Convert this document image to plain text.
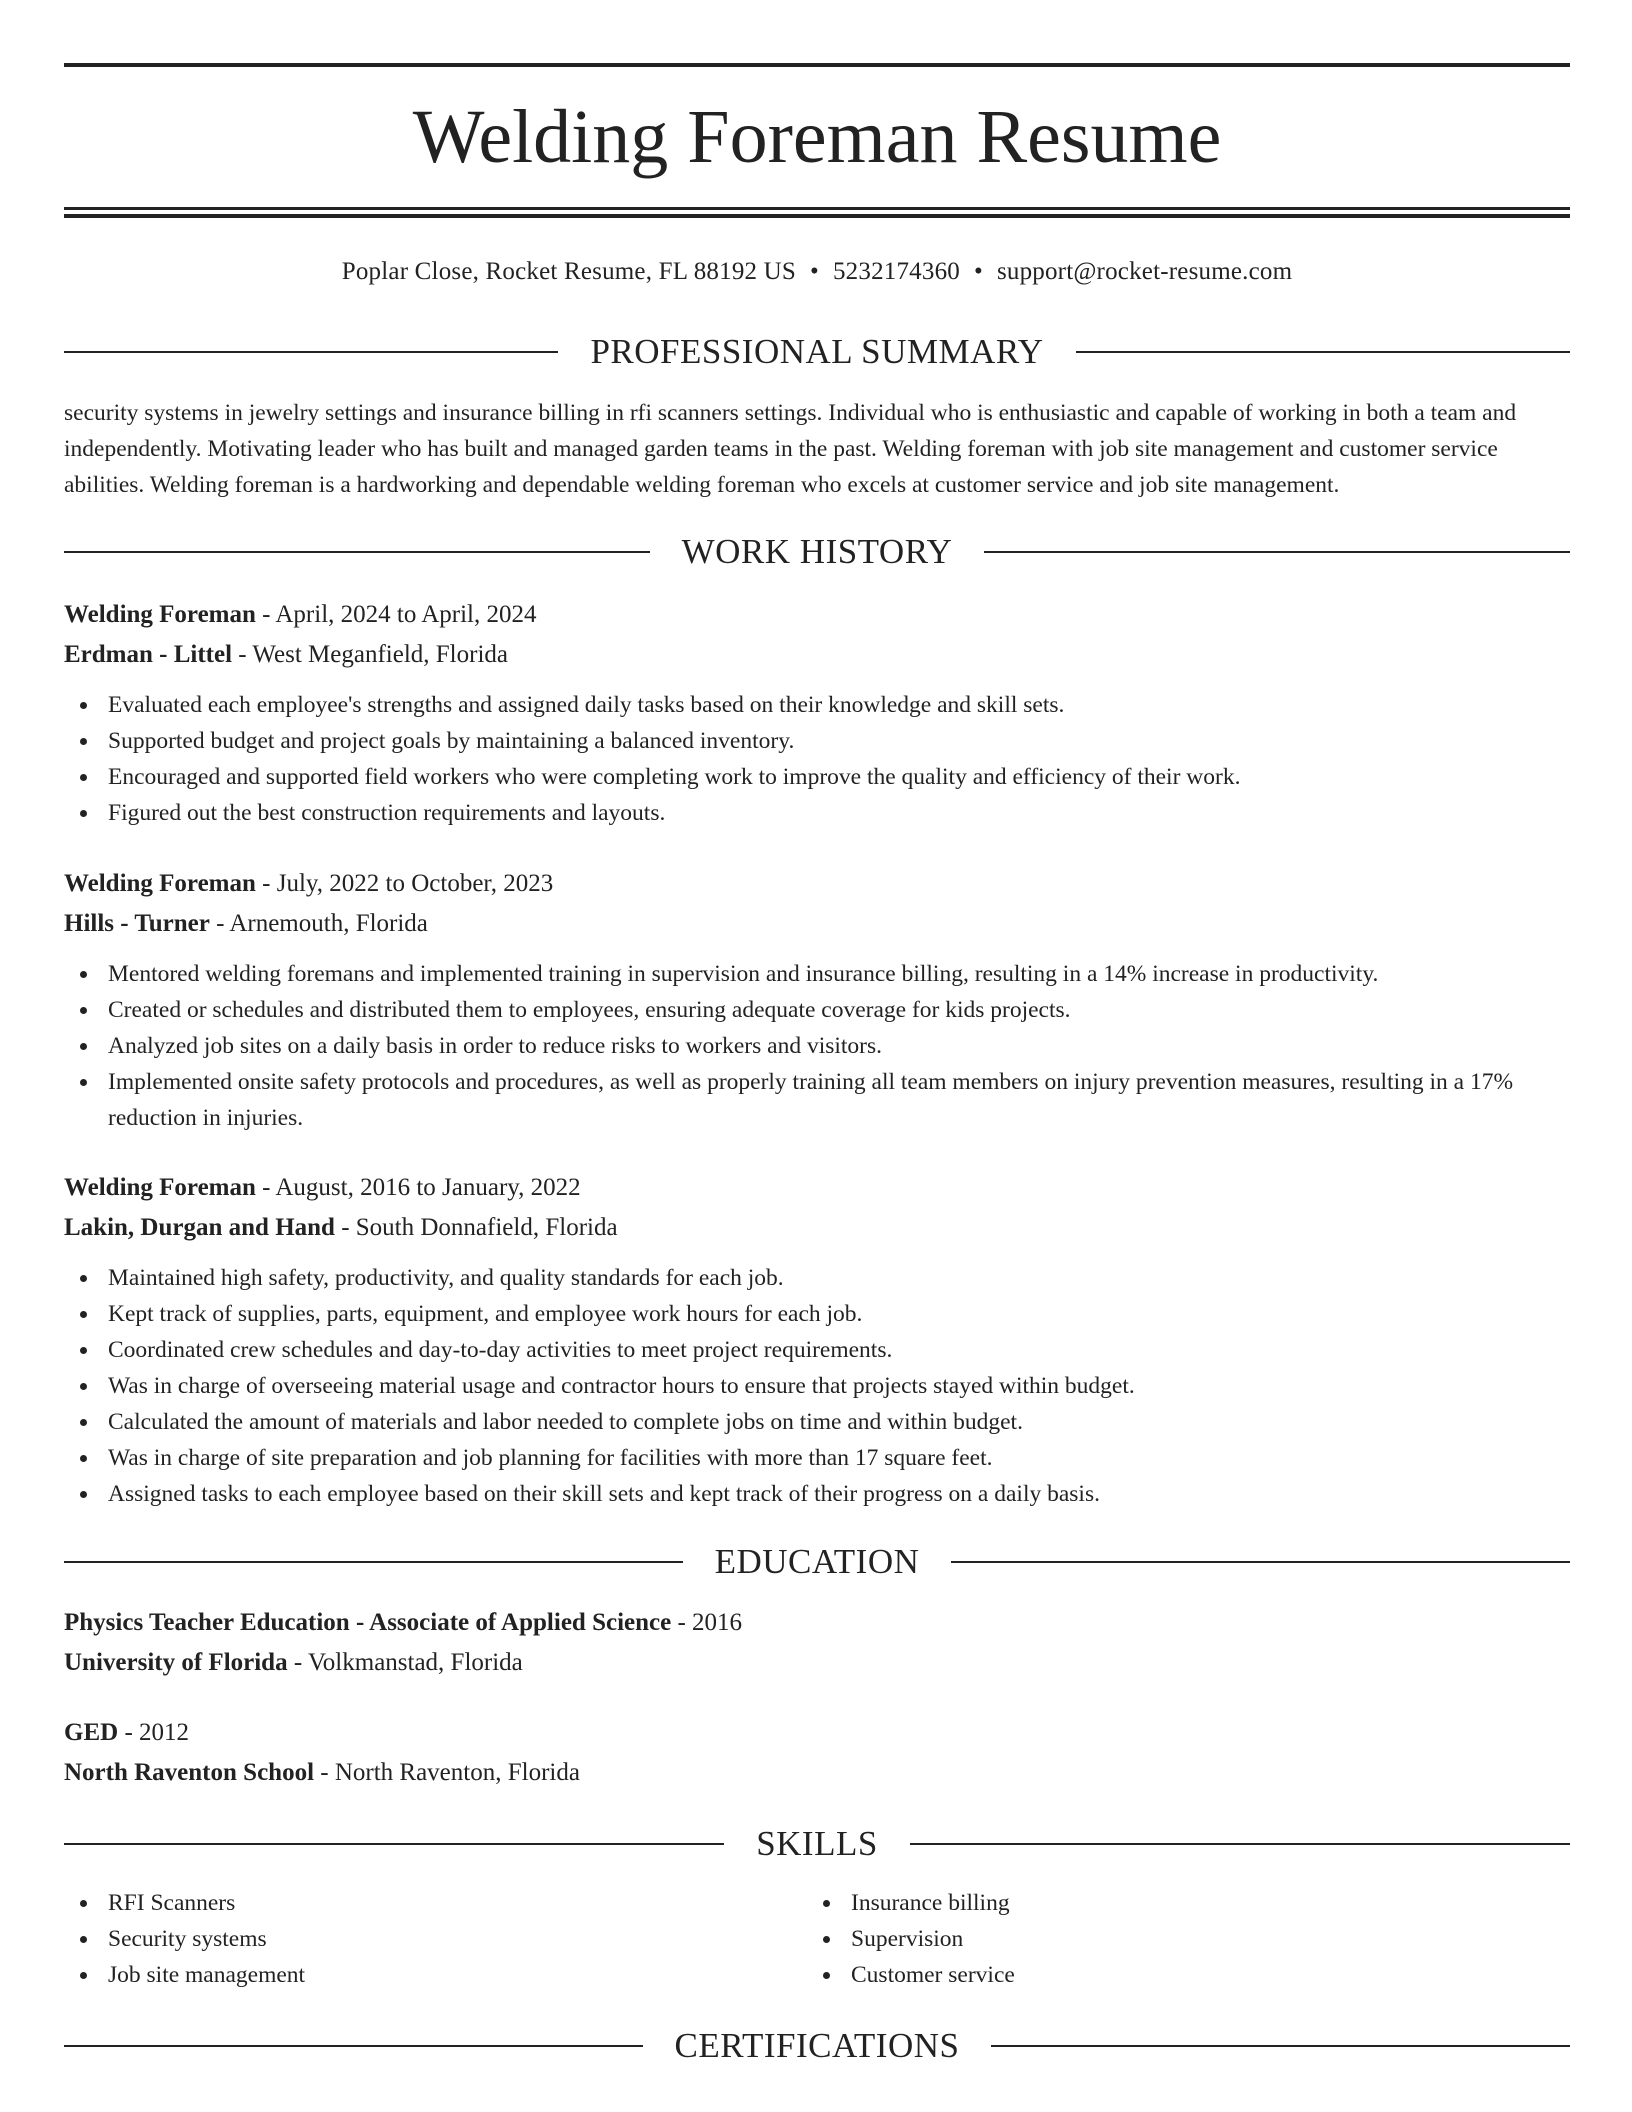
Welding Foreman Resume
Poplar Close, Rocket Resume, FL 88192 US • 5232174360 • support@rocket-resume.com
PROFESSIONAL SUMMARY

security systems in jewelry settings and insurance billing in rfi scanners settings. Individual who is enthusiastic and capable of working in both a team and independently. Motivating leader who has built and managed garden teams in the past. Welding foreman with job site management and customer service abilities. Welding foreman is a hardworking and dependable welding foreman who excels at customer service and job site management.

WORK HISTORY
Welding Foreman - April, 2024 to April, 2024
Erdman - Littel - West Meganfield, Florida
Evaluated each employee's strengths and assigned daily tasks based on their knowledge and skill sets.
Supported budget and project goals by maintaining a balanced inventory.
Encouraged and supported field workers who were completing work to improve the quality and efficiency of their work.
Figured out the best construction requirements and layouts.
Welding Foreman - July, 2022 to October, 2023
Hills - Turner - Arnemouth, Florida
Mentored welding foremans and implemented training in supervision and insurance billing, resulting in a 14% increase in productivity.
Created or schedules and distributed them to employees, ensuring adequate coverage for kids projects.
Analyzed job sites on a daily basis in order to reduce risks to workers and visitors.
Implemented onsite safety protocols and procedures, as well as properly training all team members on injury prevention measures, resulting in a 17% reduction in injuries.
Welding Foreman - August, 2016 to January, 2022
Lakin, Durgan and Hand - South Donnafield, Florida
Maintained high safety, productivity, and quality standards for each job.
Kept track of supplies, parts, equipment, and employee work hours for each job.
Coordinated crew schedules and day-to-day activities to meet project requirements.
Was in charge of overseeing material usage and contractor hours to ensure that projects stayed within budget.
Calculated the amount of materials and labor needed to complete jobs on time and within budget.
Was in charge of site preparation and job planning for facilities with more than 17 square feet.
Assigned tasks to each employee based on their skill sets and kept track of their progress on a daily basis.
EDUCATION
Physics Teacher Education - Associate of Applied Science - 2016
University of Florida - Volkmanstad, Florida
GED - 2012
North Raventon School - North Raventon, Florida
SKILLS
RFI Scanners
Security systems
Job site management
Insurance billing
Supervision
Customer service
CERTIFICATIONS
